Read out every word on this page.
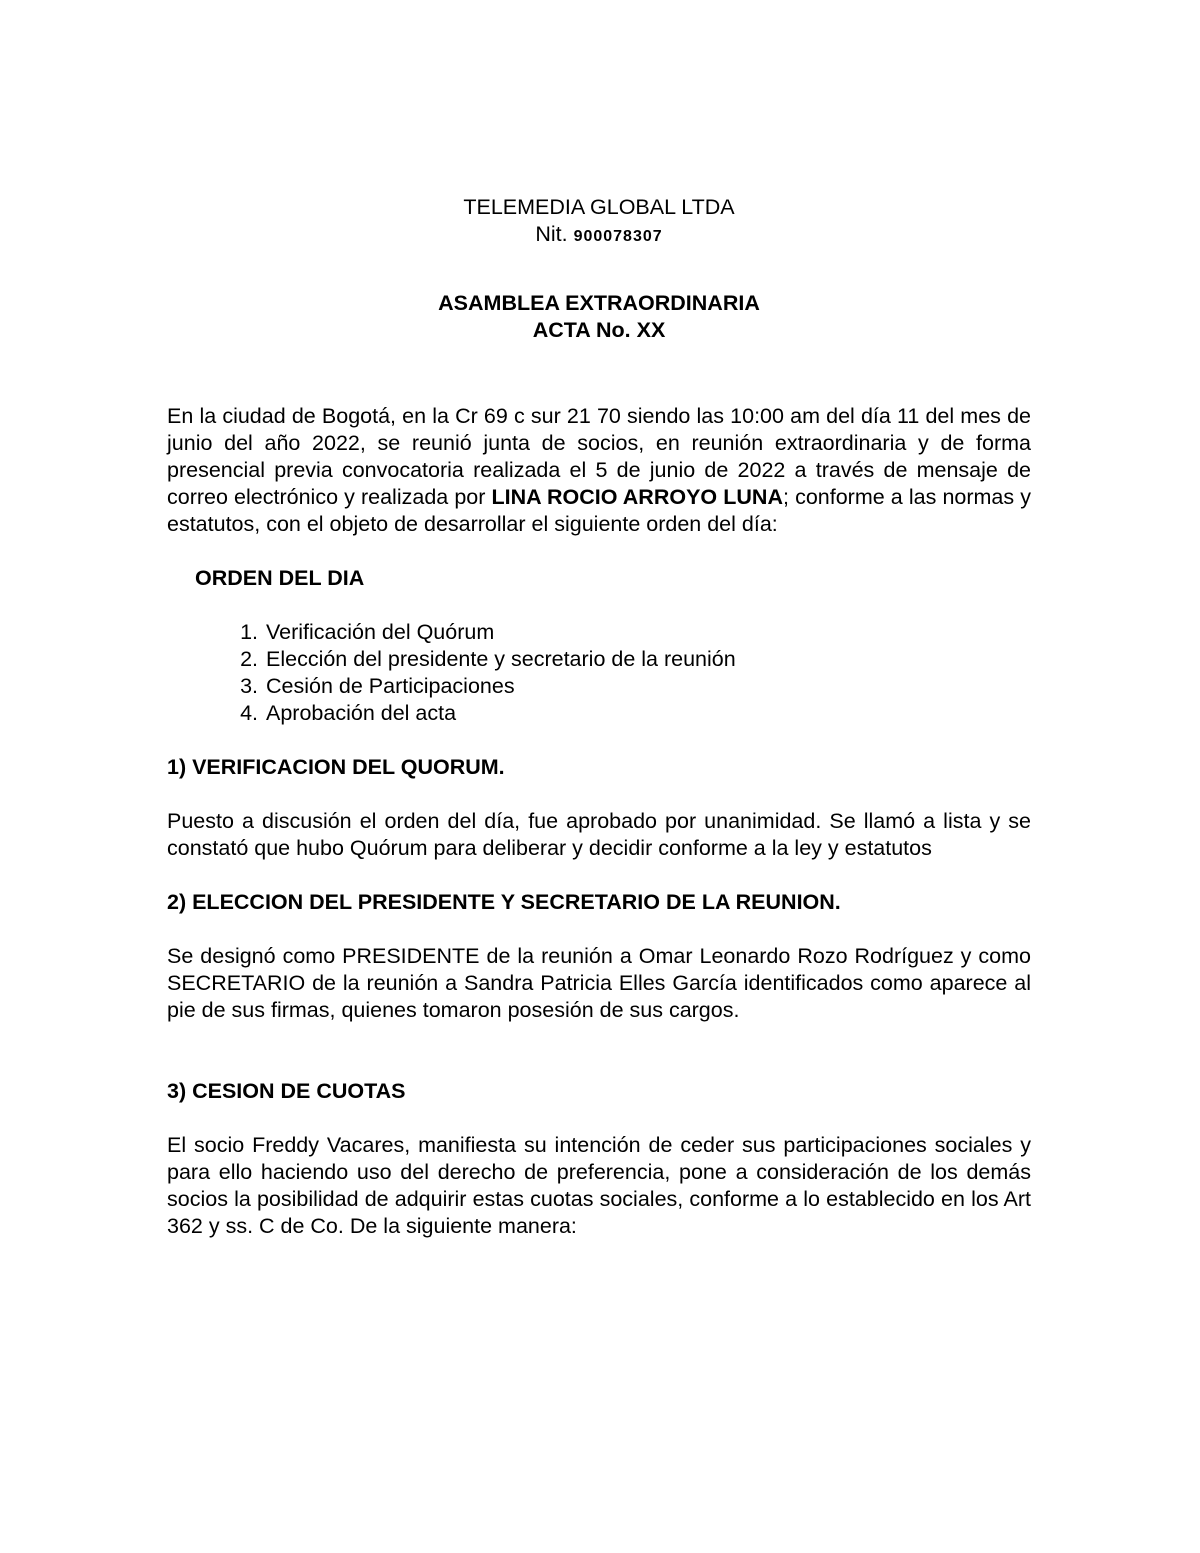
TELEMEDIA GLOBAL LTDA

Nit. 900078307

ASAMBLEA EXTRAORDINARIA

ACTA No. XX

En la ciudad de Bogotá, en la Cr 69 c sur 21 70 siendo las 10:00 am del día 11 del mes de junio del año 2022, se reunió junta de socios, en reunión extraordinaria y de forma presencial previa convocatoria realizada el 5 de junio de 2022 a través de mensaje de correo electrónico y realizada por LINA ROCIO ARROYO LUNA; conforme a las normas y estatutos, con el objeto de desarrollar el siguiente orden del día:

ORDEN DEL DIA

1. Verificación del Quórum
2. Elección del presidente y secretario de la reunión
3. Cesión de Participaciones
4. Aprobación del acta

1) VERIFICACION DEL QUORUM.

Puesto a discusión el orden del día, fue aprobado por unanimidad. Se llamó a lista y se constató que hubo Quórum para deliberar y decidir conforme a la ley y estatutos

2) ELECCION DEL PRESIDENTE Y SECRETARIO DE LA REUNION.

Se designó como PRESIDENTE de la reunión a Omar Leonardo Rozo Rodríguez y como SECRETARIO de la reunión a Sandra Patricia Elles García identificados como aparece al pie de sus firmas, quienes tomaron posesión de sus cargos.

3) CESION DE CUOTAS

El socio Freddy Vacares, manifiesta su intención de ceder sus participaciones sociales y para ello haciendo uso del derecho de preferencia, pone a consideración de los demás socios la posibilidad de adquirir estas cuotas sociales, conforme a lo establecido en los Art 362 y ss. C de Co. De la siguiente manera:
